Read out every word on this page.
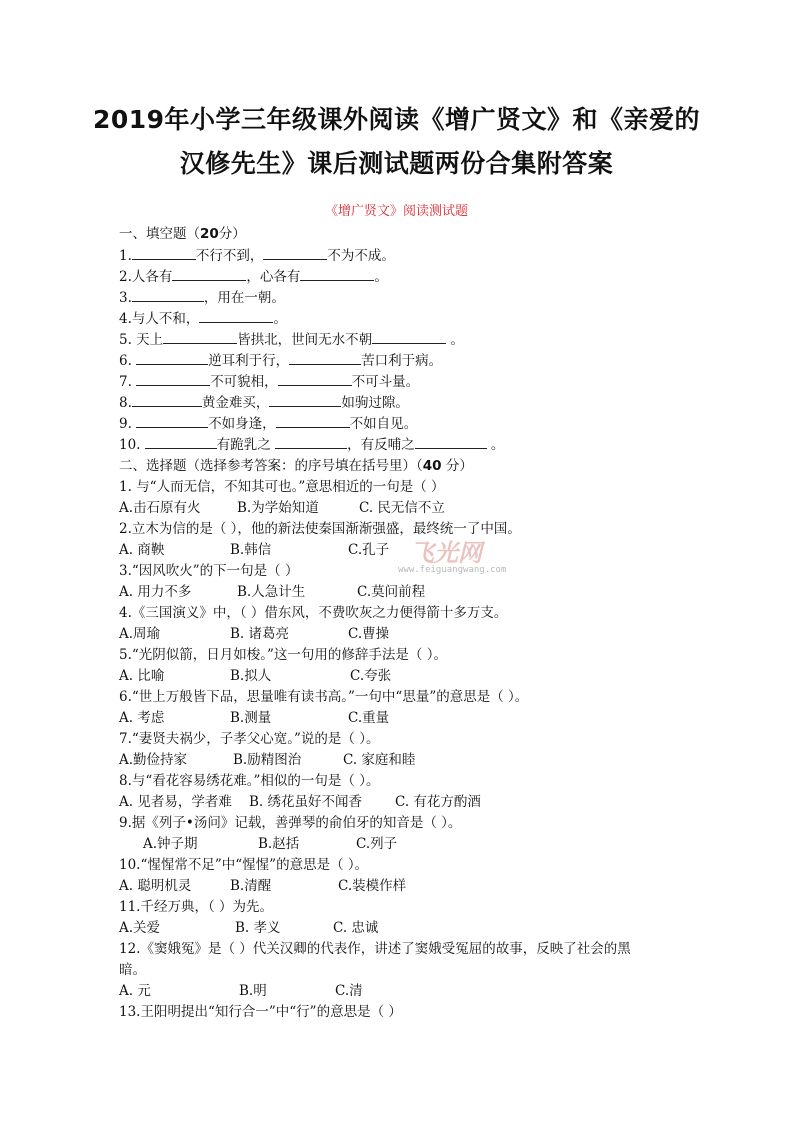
2019年小学三年级课外阅读《增广贤文》和《亲爱的
汉修先生》课后测试题两份合集附答案
《增广贤文》阅读测试题
一、填空题（20分）
1.	不行不到，	不为不成。
2.人各有	，心各有	。
3.	，用在一朝。
4.与人不和，	。
5. 天上	皆拱北，世间无水不朝	。
6.	逆耳利于行，	苦口利于病。
7.	不可貌相，	不可斗量。
8.	黄金难买，	如驹过隙。
9.	不如身逢，	不如自见。
10.	有跪乳之	，有反哺之	。
二、选择题（选择参考答案：的序号填在括号里）（40 分）
1. 与“人而无信，不知其可也。”意思相近的一句是（ ）
A.击石原有火	B.为学始知道	C. 民无信不立
2.立木为信的是（ ），他的新法使秦国渐渐强盛，最终统一了中国。
A. 商鞅	B.韩信	C.孔子
3.“因风吹火”的下一句是（ ）
A. 用力不多	B.人急计生	C.莫问前程
4.《三国演义》中，（ ）借东风，不费吹灰之力便得箭十多万支。
A.周瑜	B. 诸葛亮	C.曹操
5.“光阴似箭，日月如梭。”这一句用的修辞手法是（ ）。
A. 比喻	B.拟人	C.夸张
6.“世上万般皆下品，思量唯有读书高。”一句中“思量”的意思是（ ）。
A. 考虑	B.测量	C.重量
7.“妻贤夫祸少，子孝父心宽。”说的是（ ）。
A.勤俭持家	B.励精图治	C. 家庭和睦
8.与“看花容易绣花难。”相似的一句是（ ）。
A. 见者易，学者难 B. 绣花虽好不闻香 C. 有花方酌酒
9.据《列子•汤问》记载，善弹琴的俞伯牙的知音是（ ）。
A.钟子期	B.赵括	C.列子
10.“惺惺常不足”中“惺惺”的意思是（ ）。
A. 聪明机灵	B.清醒	C.装模作样
11.千经万典，（ ）为先。
A.关爱	B. 孝义	C. 忠诚
12.《窦娥冤》是（ ）代关汉卿的代表作，讲述了窦娥受冤屈的故事，反映了社会的黑
暗。
A. 元	B.明	C.清
13.王阳明提出“知行合一”中“行”的意思是（ ）
飞光网
www.feiguangwang.com
